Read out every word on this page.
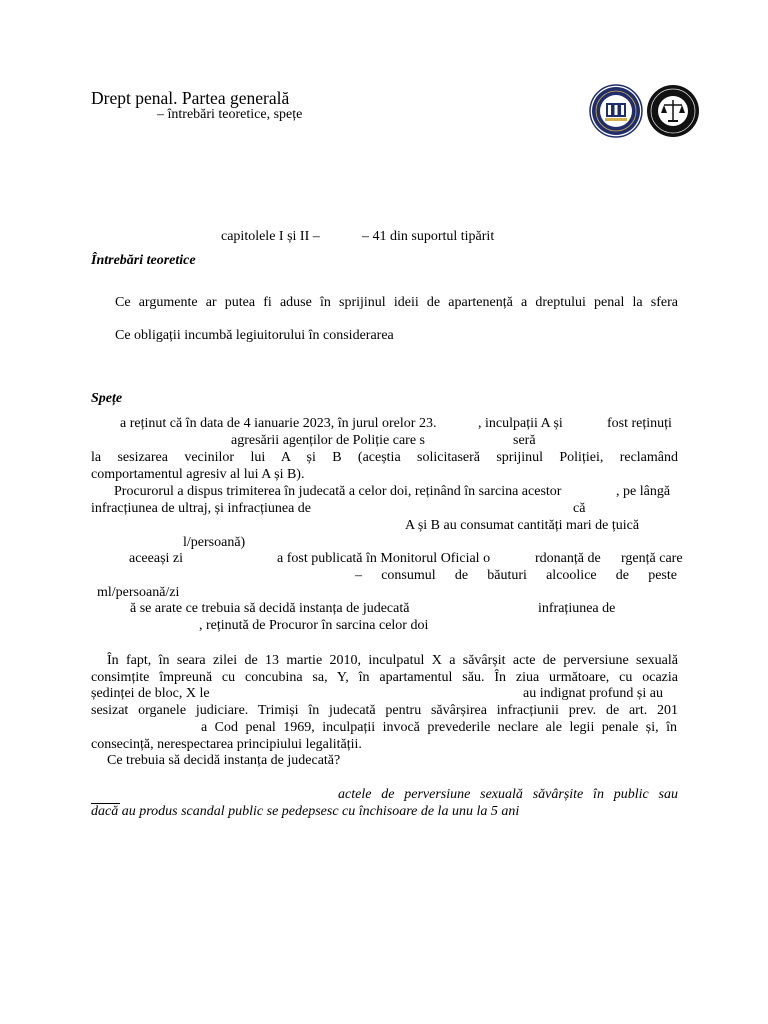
Drept penal. Partea generală
– întrebări teoretice, spețe
capitolele I și II –	– 41 din suportul tipărit
Întrebări teoretice
Ce argumente ar putea fi aduse în sprijinul ideii de apartenență a dreptului penal la sfera
Ce obligații incumbă legiuitorului în considerarea
Spețe
a reținut că în data de 4 ianuarie 2023, în jurul orelor 23.	, inculpații A și	fost reținuți
agresării agenților de Poliție care s	seră
la sesizarea vecinilor lui A și B (aceștia solicitaseră sprijinul Poliției, reclamând
comportamentul agresiv al lui A și B).
Procurorul a dispus trimiterea în judecată a celor doi, reținând în sarcina acestor	, pe lângă
infracțiunea de ultraj, și infracțiunea de	că
A și B au consumat cantități mari de țuică
l/persoană)
aceeași zi	a fost publicată în Monitorul Oficial o	rdonanță de rgență care
– consumul de băuturi alcoolice de peste
ml/persoană/zi
ă se arate ce trebuia să decidă instanța de judecată	infrațiunea de
, reținută de Procuror în sarcina celor doi
În fapt, în seara zilei de 13 martie 2010, inculpatul X a săvârșit acte de perversiune sexuală
consimțite împreună cu concubina sa, Y, în apartamentul său. În ziua următoare, cu ocazia
ședinței de bloc, X le	au indignat profund și au
sesizat organele judiciare. Trimiși în judecată pentru săvârșirea infracțiunii prev. de art. 201
a Cod penal 1969, inculpații invocă prevederile neclare ale legii penale și, în
consecință, nerespectarea principiului legalității.
Ce trebuia să decidă instanța de judecată?
actele de perversiune sexuală săvârșite în public sau
dacă au produs scandal public se pedepsesc cu închisoare de la unu la 5 ani
